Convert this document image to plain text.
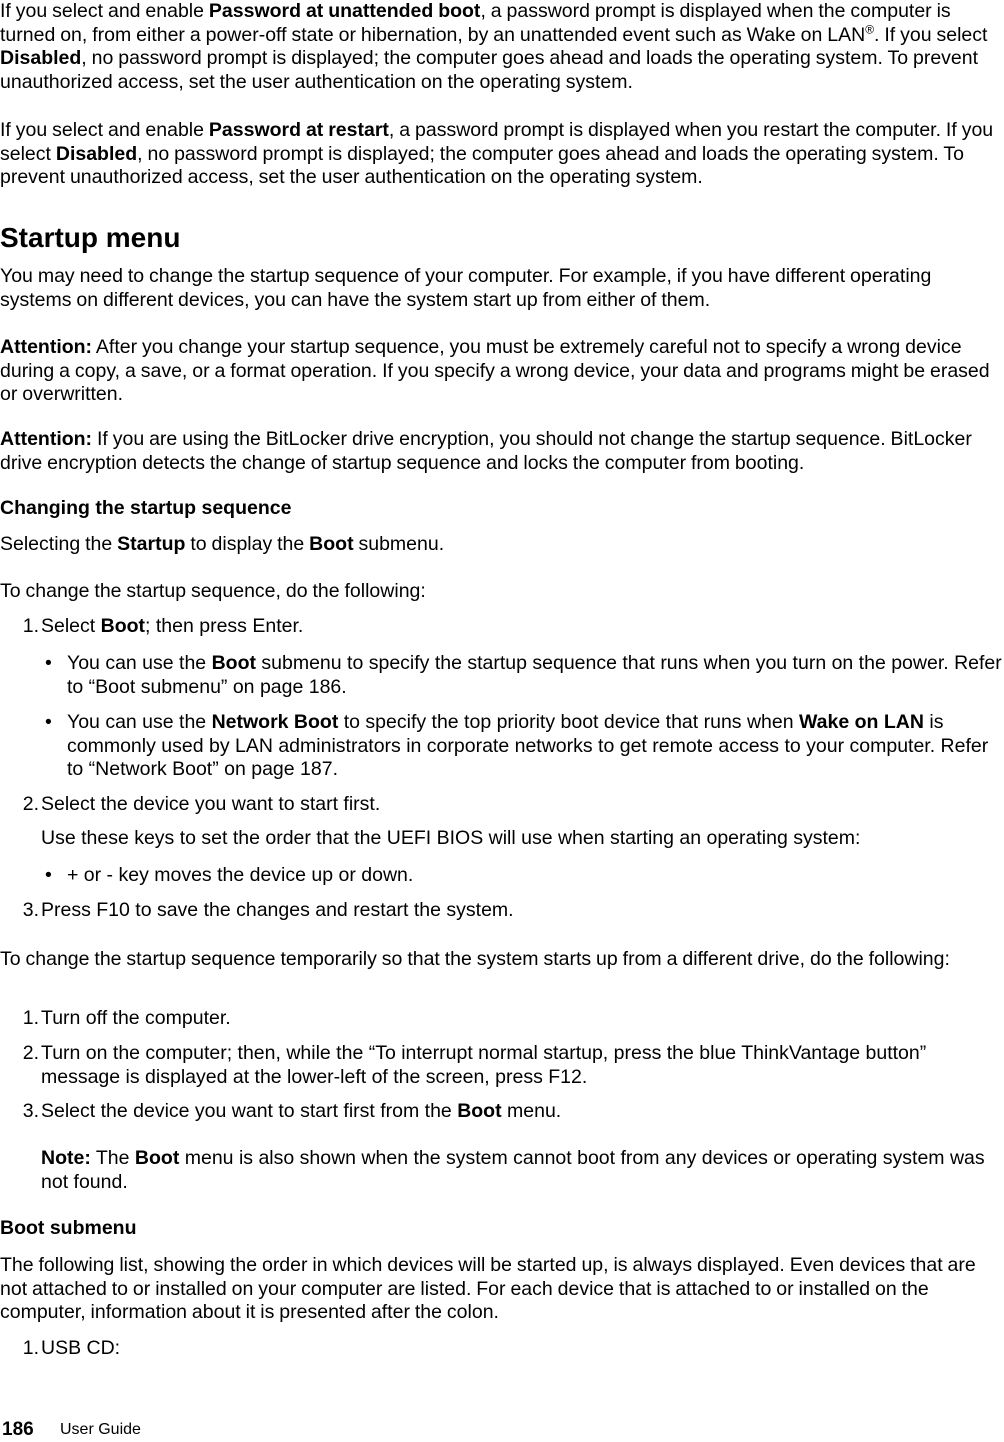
If you select and enable Password at unattended boot, a password prompt is displayed when the computer is turned on, from either a power-off state or hibernation, by an unattended event such as Wake on LAN®. If you select Disabled, no password prompt is displayed; the computer goes ahead and loads the operating system. To prevent unauthorized access, set the user authentication on the operating system.

If you select and enable Password at restart, a password prompt is displayed when you restart the computer. If you select Disabled, no password prompt is displayed; the computer goes ahead and loads the operating system. To prevent unauthorized access, set the user authentication on the operating system.

Startup menu

You may need to change the startup sequence of your computer. For example, if you have different operating systems on different devices, you can have the system start up from either of them.

Attention: After you change your startup sequence, you must be extremely careful not to specify a wrong device during a copy, a save, or a format operation. If you specify a wrong device, your data and programs might be erased or overwritten.

Attention: If you are using the BitLocker drive encryption, you should not change the startup sequence. BitLocker drive encryption detects the change of startup sequence and locks the computer from booting.

Changing the startup sequence

Selecting the Startup to display the Boot submenu.

To change the startup sequence, do the following:

1. Select Boot; then press Enter.

• You can use the Boot submenu to specify the startup sequence that runs when you turn on the power. Refer to “Boot submenu” on page 186.

• You can use the Network Boot to specify the top priority boot device that runs when Wake on LAN is commonly used by LAN administrators in corporate networks to get remote access to your computer. Refer to “Network Boot” on page 187.

2. Select the device you want to start first.

Use these keys to set the order that the UEFI BIOS will use when starting an operating system:

• + or - key moves the device up or down.

3. Press F10 to save the changes and restart the system.

To change the startup sequence temporarily so that the system starts up from a different drive, do the following:

1. Turn off the computer.

2. Turn on the computer; then, while the “To interrupt normal startup, press the blue ThinkVantage button” message is displayed at the lower-left of the screen, press F12.

3. Select the device you want to start first from the Boot menu.

Note: The Boot menu is also shown when the system cannot boot from any devices or operating system was not found.

Boot submenu

The following list, showing the order in which devices will be started up, is always displayed. Even devices that are not attached to or installed on your computer are listed. For each device that is attached to or installed on the computer, information about it is presented after the colon.

1. USB CD:

186 User Guide
